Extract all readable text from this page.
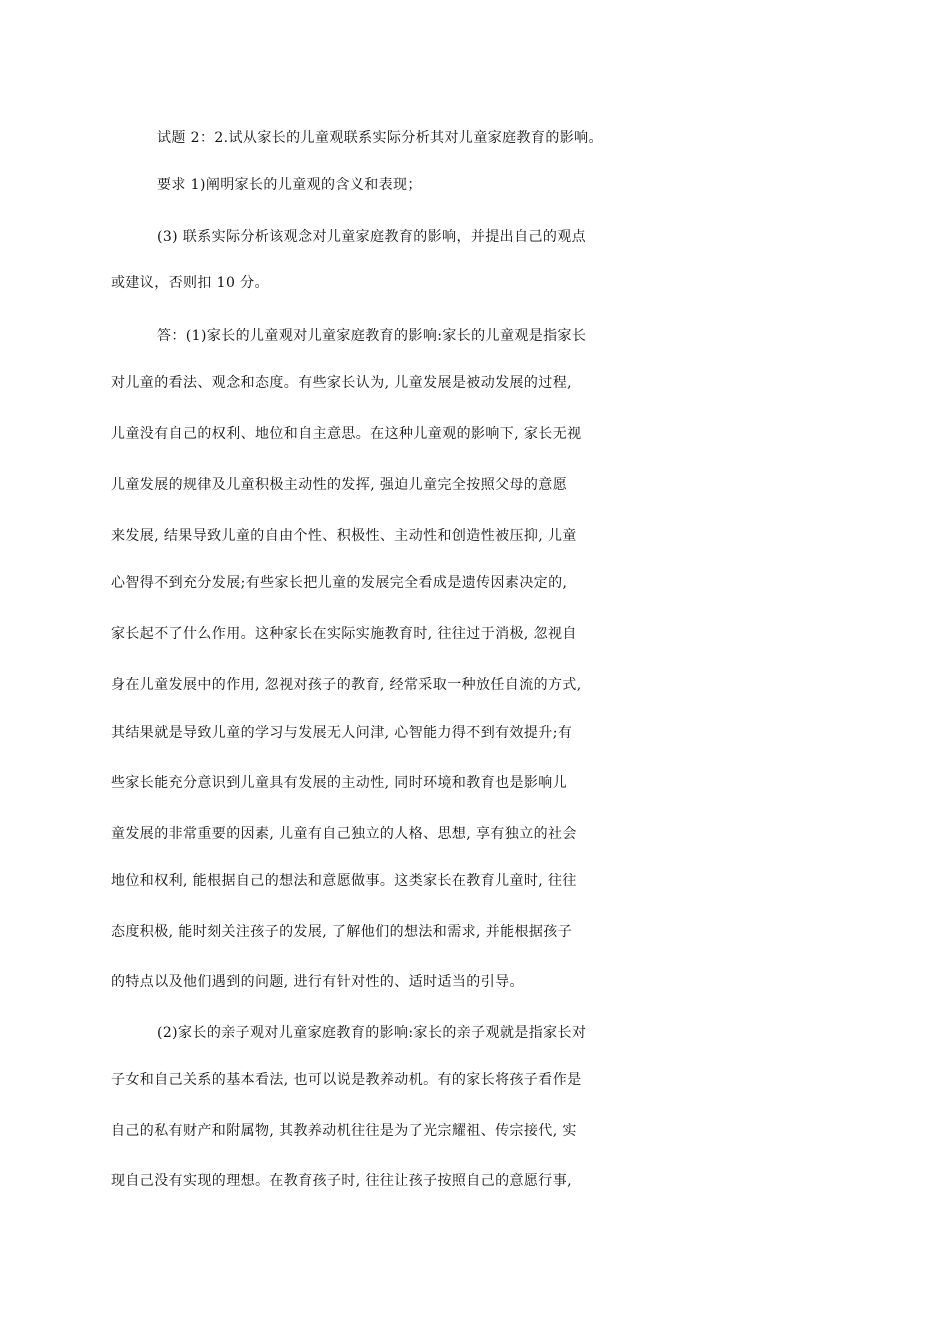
试题 2：2.试从家长的儿童观联系实际分析其对儿童家庭教育的影响。
要求 1)阐明家长的儿童观的含义和表现；
(3) 联系实际分析该观念对儿童家庭教育的影响，并提出自己的观点
或建议，否则扣 10 分。
答：(1)家长的儿童观对儿童家庭教育的影响:家长的儿童观是指家长
对儿童的看法、观念和态度。有些家长认为, 儿童发展是被动发展的过程,
儿童没有自己的权利、地位和自主意思。在这种儿童观的影响下, 家长无视
儿童发展的规律及儿童积极主动性的发挥, 强迫儿童完全按照父母的意愿
来发展, 结果导致儿童的自由个性、积极性、主动性和创造性被压抑, 儿童
心智得不到充分发展;有些家长把儿童的发展完全看成是遗传因素决定的,
家长起不了什么作用。这种家长在实际实施教育时, 往往过于消极, 忽视自
身在儿童发展中的作用, 忽视对孩子的教育, 经常采取一种放任自流的方式,
其结果就是导致儿童的学习与发展无人问津, 心智能力得不到有效提升;有
些家长能充分意识到儿童具有发展的主动性, 同时环境和教育也是影响儿
童发展的非常重要的因素, 儿童有自己独立的人格、思想, 享有独立的社会
地位和权利, 能根据自己的想法和意愿做事。这类家长在教育儿童时, 往往
态度积极, 能时刻关注孩子的发展, 了解他们的想法和需求, 并能根据孩子
的特点以及他们遇到的问题, 进行有针对性的、适时适当的引导。
(2)家长的亲子观对儿童家庭教育的影响:家长的亲子观就是指家长对
子女和自己关系的基本看法, 也可以说是教养动机。有的家长将孩子看作是
自己的私有财产和附属物, 其教养动机往往是为了光宗耀祖、传宗接代, 实
现自己没有实现的理想。在教育孩子时, 往往让孩子按照自己的意愿行事,
